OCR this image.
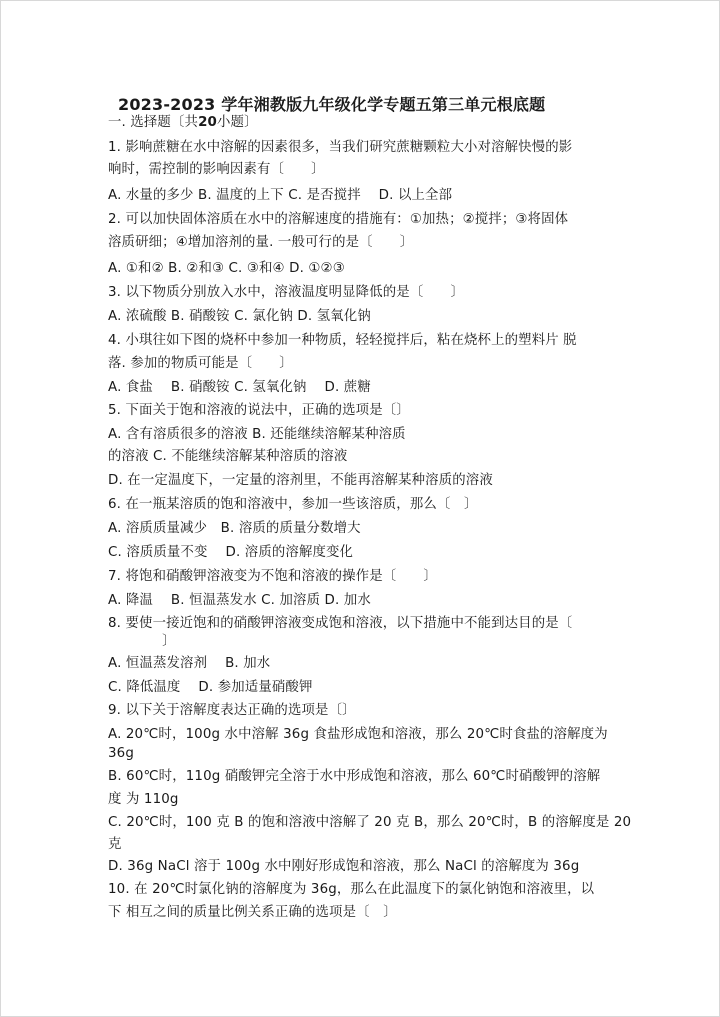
2023-2023 学年湘教版九年级化学专题五第三单元根底题
一. 选择题〔共20小题〕
1. 影响蔗糖在水中溶解的因素很多，当我们研究蔗糖颗粒大小对溶解快慢的影
响时，需控制的影响因素有〔　　〕
A. 水量的多少 B. 温度的上下 C. 是否搅拌　 D. 以上全部
2. 可以加快固体溶质在水中的溶解速度的措施有：①加热；②搅拌；③将固体
溶质研细；④增加溶剂的量. 一般可行的是〔　　〕
A. ①和② B. ②和③ C. ③和④ D. ①②③
3. 以下物质分别放入水中，溶液温度明显降低的是〔　　〕
A. 浓硫酸 B. 硝酸铵 C. 氯化钠 D. 氢氧化钠
4. 小琪往如下图的烧杯中参加一种物质，轻轻搅拌后，粘在烧杯上的塑料片 脱
落. 参加的物质可能是〔　　〕
A. 食盐　 B. 硝酸铵 C. 氢氧化钠　 D. 蔗糖
5. 下面关于饱和溶液的说法中，正确的选项是〔〕
A. 含有溶质很多的溶液 B. 还能继续溶解某种溶质
的溶液 C. 不能继续溶解某种溶质的溶液
D. 在一定温度下，一定量的溶剂里，不能再溶解某种溶质的溶液
6. 在一瓶某溶质的饱和溶液中，参加一些该溶质，那么〔　〕
A. 溶质质量减少　B. 溶质的质量分数增大
C. 溶质质量不变　 D. 溶质的溶解度变化
7. 将饱和硝酸钾溶液变为不饱和溶液的操作是〔　　〕
A. 降温　 B. 恒温蒸发水 C. 加溶质 D. 加水
8. 要使一接近饱和的硝酸钾溶液变成饱和溶液，以下措施中不能到达目的是〔
　　　　〕
A. 恒温蒸发溶剂　 B. 加水
C. 降低温度　 D. 参加适量硝酸钾
9. 以下关于溶解度表达正确的选项是〔〕
A. 20℃时，100g 水中溶解 36g 食盐形成饱和溶液，那么 20℃时食盐的溶解度为
36g
B. 60℃时，110g 硝酸钾完全溶于水中形成饱和溶液，那么 60℃时硝酸钾的溶解
度 为 110g
C. 20℃时，100 克 B 的饱和溶液中溶解了 20 克 B，那么 20℃时，B 的溶解度是 20
克
D. 36g NaCl 溶于 100g 水中刚好形成饱和溶液，那么 NaCl 的溶解度为 36g
10. 在 20℃时氯化钠的溶解度为 36g，那么在此温度下的氯化钠饱和溶液里，以
下 相互之间的质量比例关系正确的选项是〔　〕
